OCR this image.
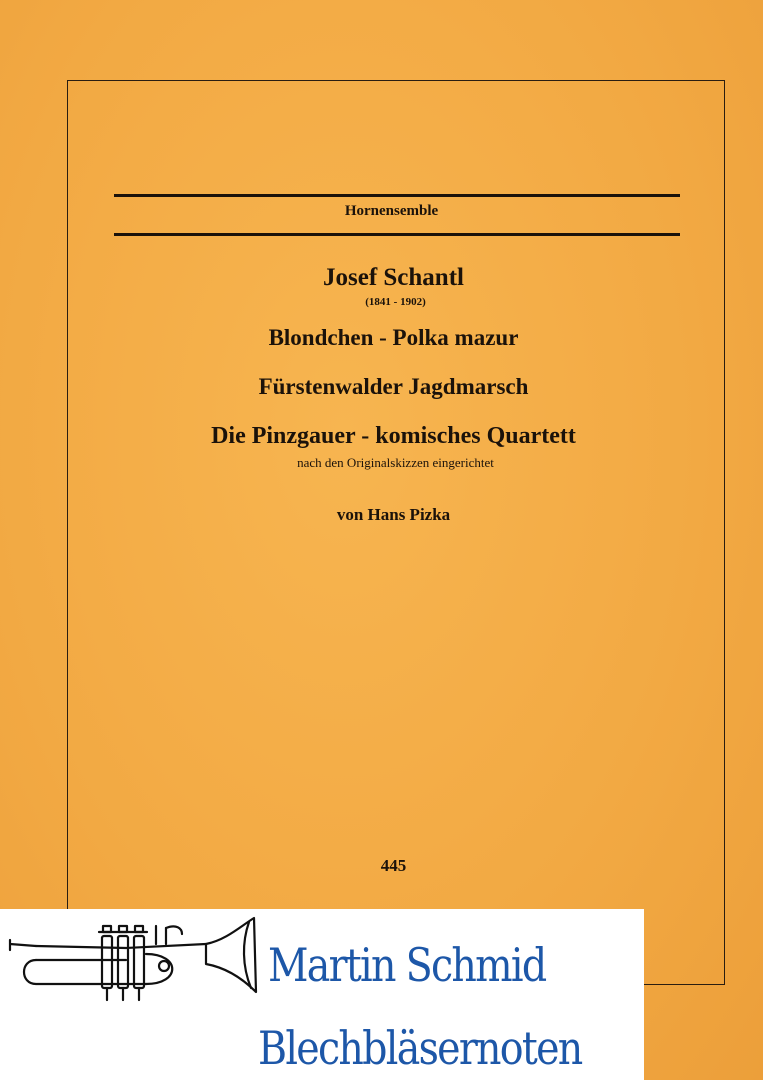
Hornensemble
Josef Schantl
(1841 - 1902)
Blondchen - Polka mazur
Fürstenwalder Jagdmarsch
Die Pinzgauer - komisches Quartett
nach den Originalskizzen eingerichtet
von Hans Pizka
445
Martin Schmid
Blechbläsernoten
